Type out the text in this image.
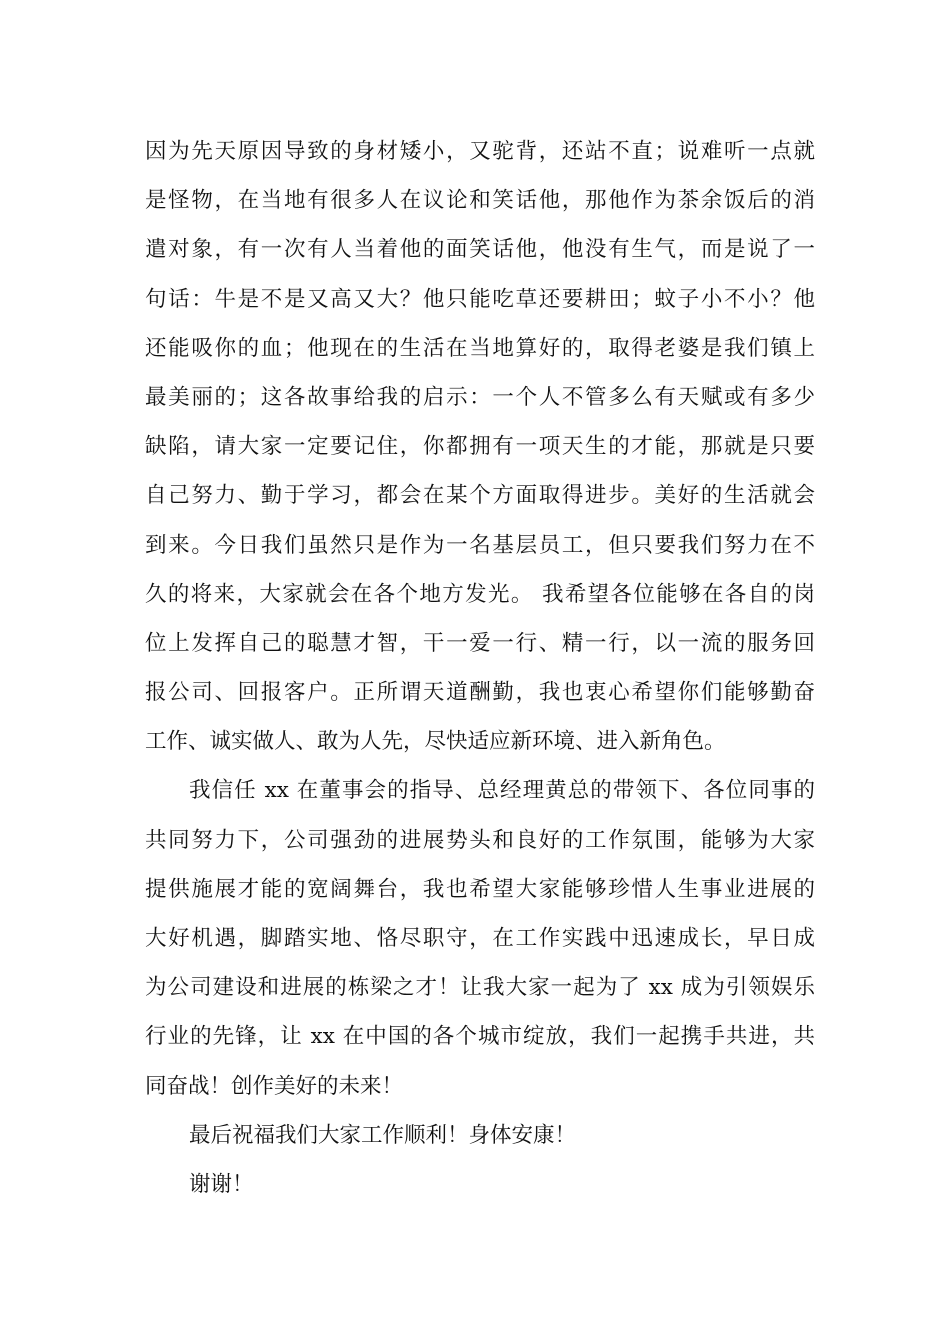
因为先天原因导致的身材矮小，又驼背，还站不直；说难听一点就
是怪物，在当地有很多人在议论和笑话他，那他作为茶余饭后的消
遣对象，有一次有人当着他的面笑话他，他没有生气，而是说了一
句话：牛是不是又高又大？他只能吃草还要耕田；蚊子小不小？他
还能吸你的血；他现在的生活在当地算好的，取得老婆是我们镇上
最美丽的；这各故事给我的启示：一个人不管多么有天赋或有多少
缺陷，请大家一定要记住，你都拥有一项天生的才能，那就是只要
自己努力、勤于学习，都会在某个方面取得进步。美好的生活就会
到来。今日我们虽然只是作为一名基层员工，但只要我们努力在不
久的将来，大家就会在各个地方发光。 我希望各位能够在各自的岗
位上发挥自己的聪慧才智，干一爱一行、精一行，以一流的服务回
报公司、回报客户。正所谓天道酬勤，我也衷心希望你们能够勤奋
工作、诚实做人、敢为人先，尽快适应新环境、进入新角色。
我信任 xx 在董事会的指导、总经理黄总的带领下、各位同事的
共同努力下，公司强劲的进展势头和良好的工作氛围，能够为大家
提供施展才能的宽阔舞台，我也希望大家能够珍惜人生事业进展的
大好机遇，脚踏实地、恪尽职守，在工作实践中迅速成长，早日成
为公司建设和进展的栋梁之才！让我大家一起为了 xx 成为引领娱乐
行业的先锋，让 xx 在中国的各个城市绽放，我们一起携手共进，共
同奋战！创作美好的未来！
最后祝福我们大家工作顺利！身体安康！
谢谢！
